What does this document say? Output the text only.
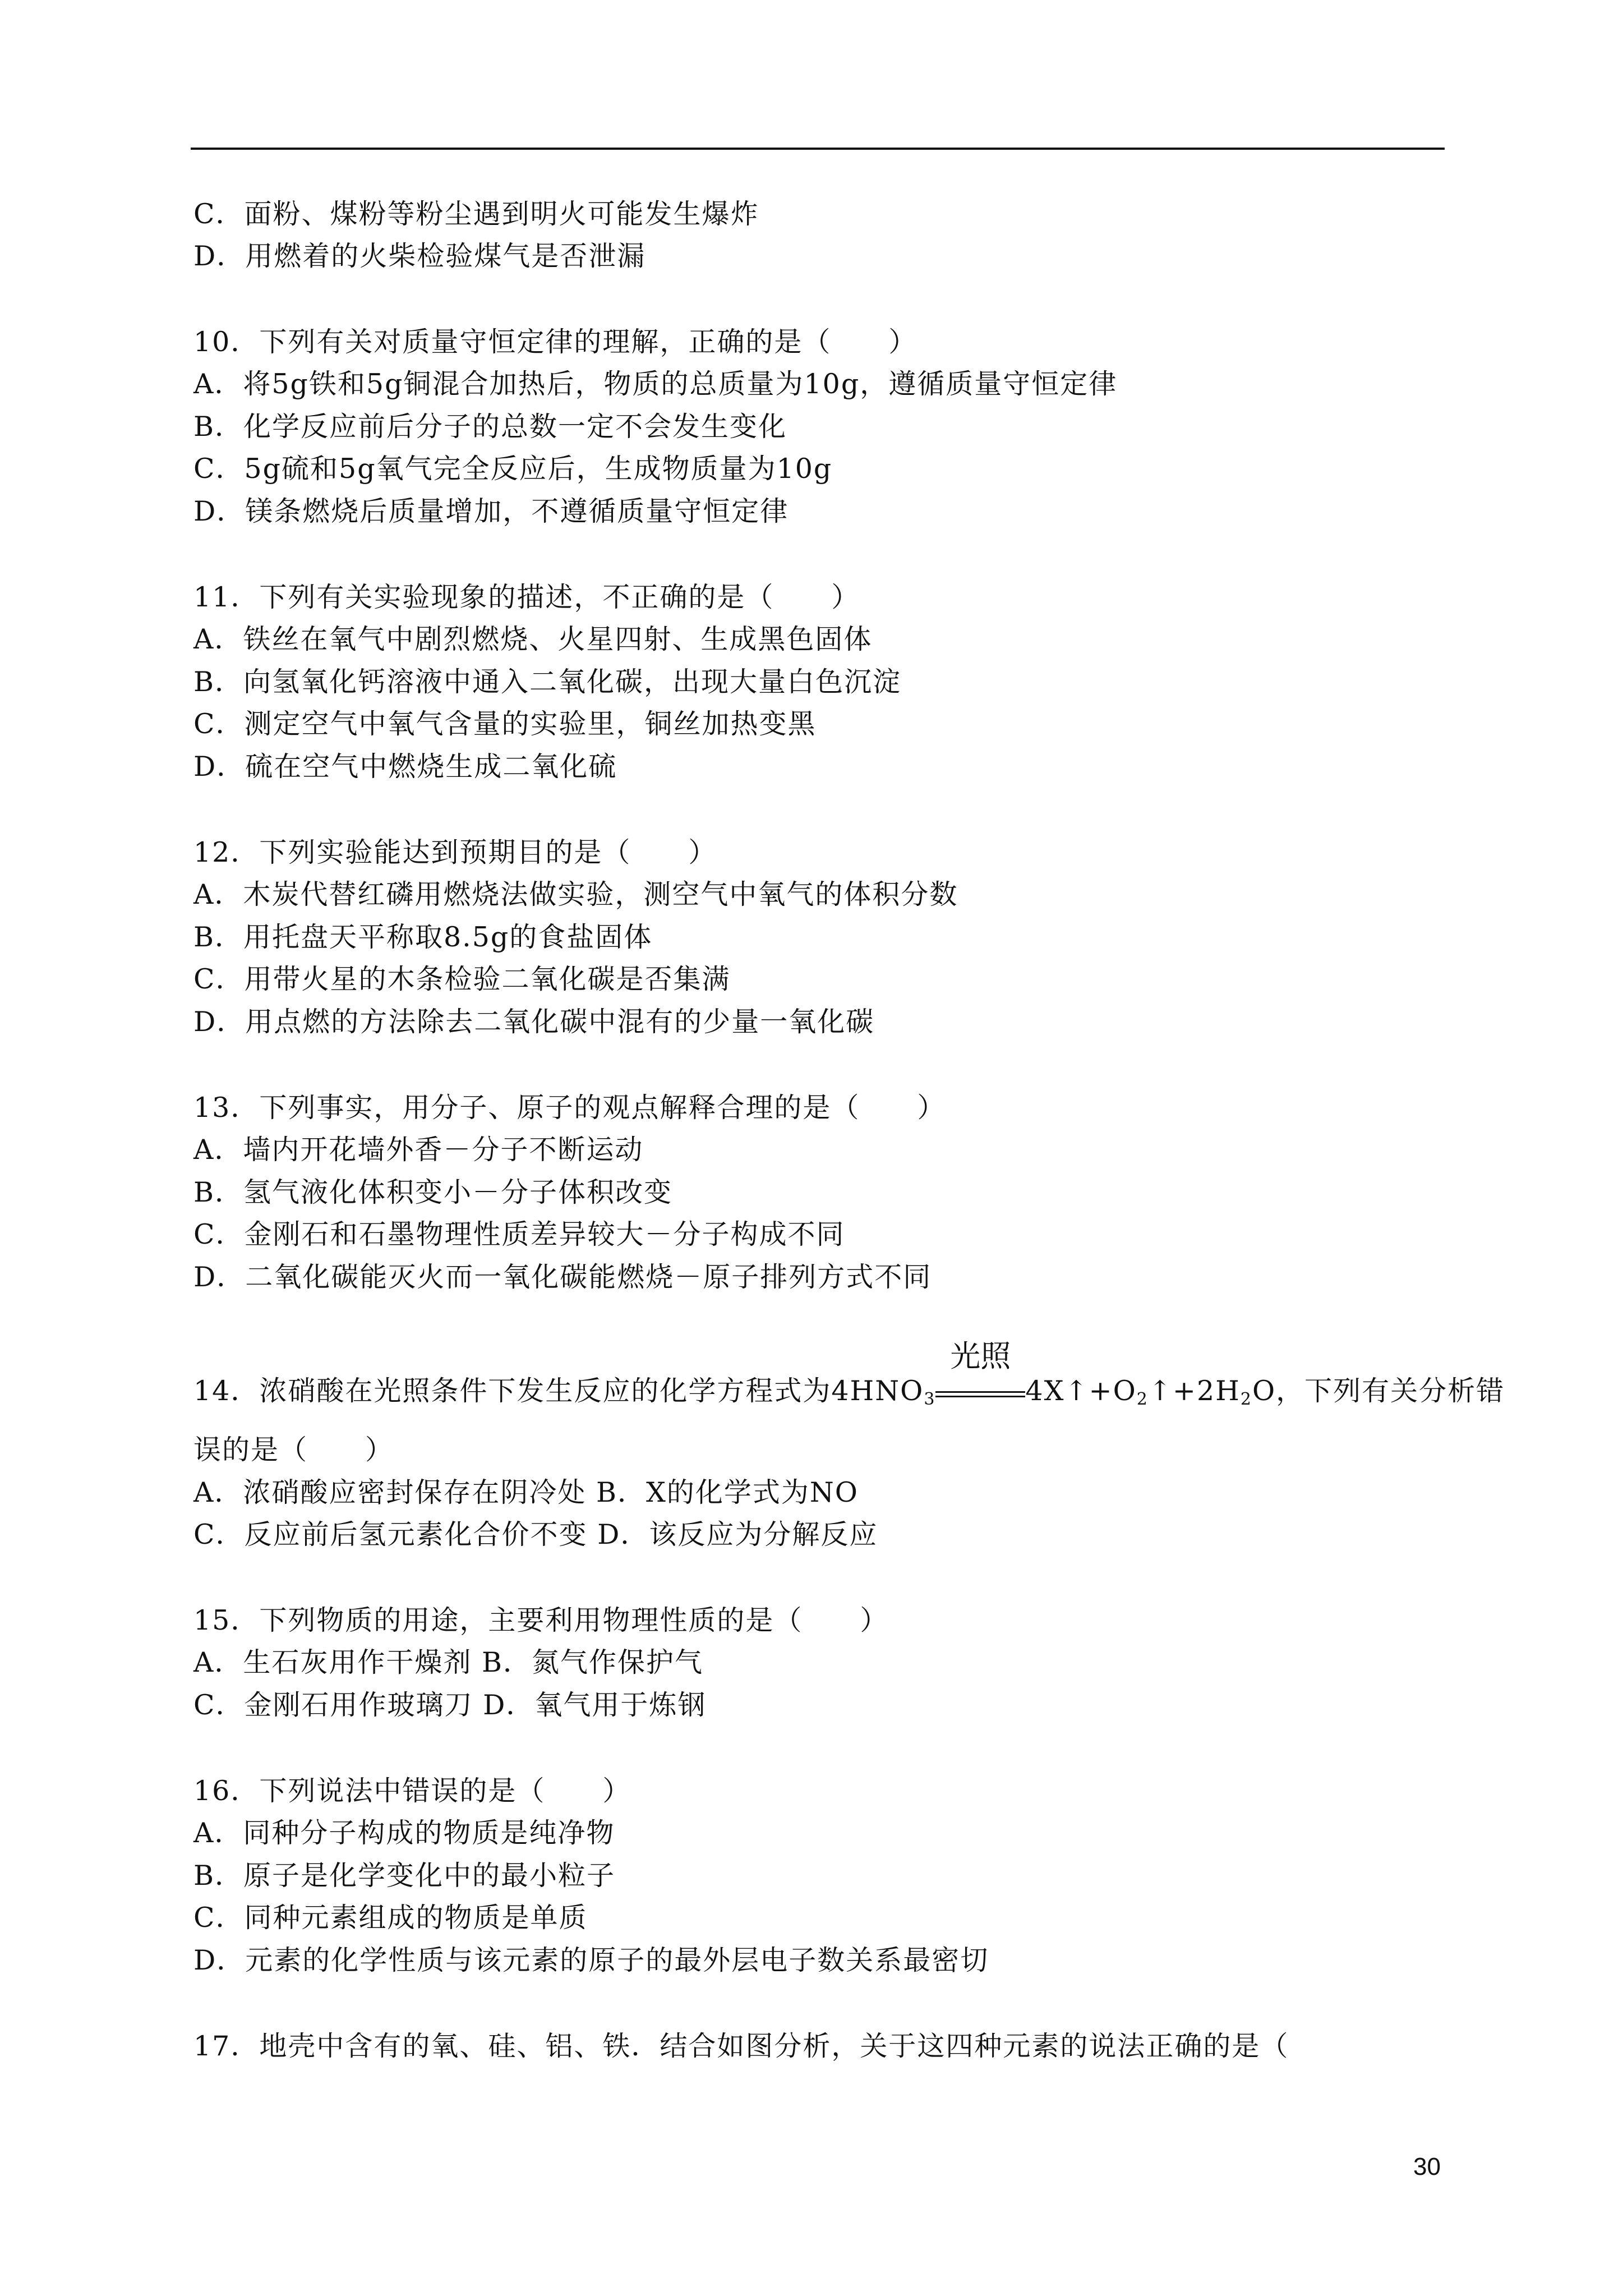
C．面粉、煤粉等粉尘遇到明火可能发生爆炸
D．用燃着的火柴检验煤气是否泄漏
10．下列有关对质量守恒定律的理解，正确的是（　　）
A．将5g铁和5g铜混合加热后，物质的总质量为10g，遵循质量守恒定律
B．化学反应前后分子的总数一定不会发生变化
C．5g硫和5g氧气完全反应后，生成物质量为10g
D．镁条燃烧后质量增加，不遵循质量守恒定律
11．下列有关实验现象的描述，不正确的是（　　）
A．铁丝在氧气中剧烈燃烧、火星四射、生成黑色固体
B．向氢氧化钙溶液中通入二氧化碳，出现大量白色沉淀
C．测定空气中氧气含量的实验里，铜丝加热变黑
D．硫在空气中燃烧生成二氧化硫
12．下列实验能达到预期目的是（　　）
A．木炭代替红磷用燃烧法做实验，测空气中氧气的体积分数
B．用托盘天平称取8.5g的食盐固体
C．用带火星的木条检验二氧化碳是否集满
D．用点燃的方法除去二氧化碳中混有的少量一氧化碳
13．下列事实，用分子、原子的观点解释合理的是（　　）
A．墙内开花墙外香－分子不断运动
B．氢气液化体积变小－分子体积改变
C．金刚石和石墨物理性质差异较大－分子构成不同
D．二氧化碳能灭火而一氧化碳能燃烧－原子排列方式不同
14．浓硝酸在光照条件下发生反应的化学方程式为$4HNO_3$
光照
$4X↑+O_2↑+2H_2O$，下列有关分析错
误的是（　　）
A．浓硝酸应密封保存在阴冷处 B．X的化学式为NO
C．反应前后氢元素化合价不变 D．该反应为分解反应
15．下列物质的用途，主要利用物理性质的是（　　）
A．生石灰用作干燥剂 B．氮气作保护气
C．金刚石用作玻璃刀 D．氧气用于炼钢
16．下列说法中错误的是（　　）
A．同种分子构成的物质是纯净物
B．原子是化学变化中的最小粒子
C．同种元素组成的物质是单质
D．元素的化学性质与该元素的原子的最外层电子数关系最密切
17．地壳中含有的氧、硅、铝、铁．结合如图分析，关于这四种元素的说法正确的是（
30
